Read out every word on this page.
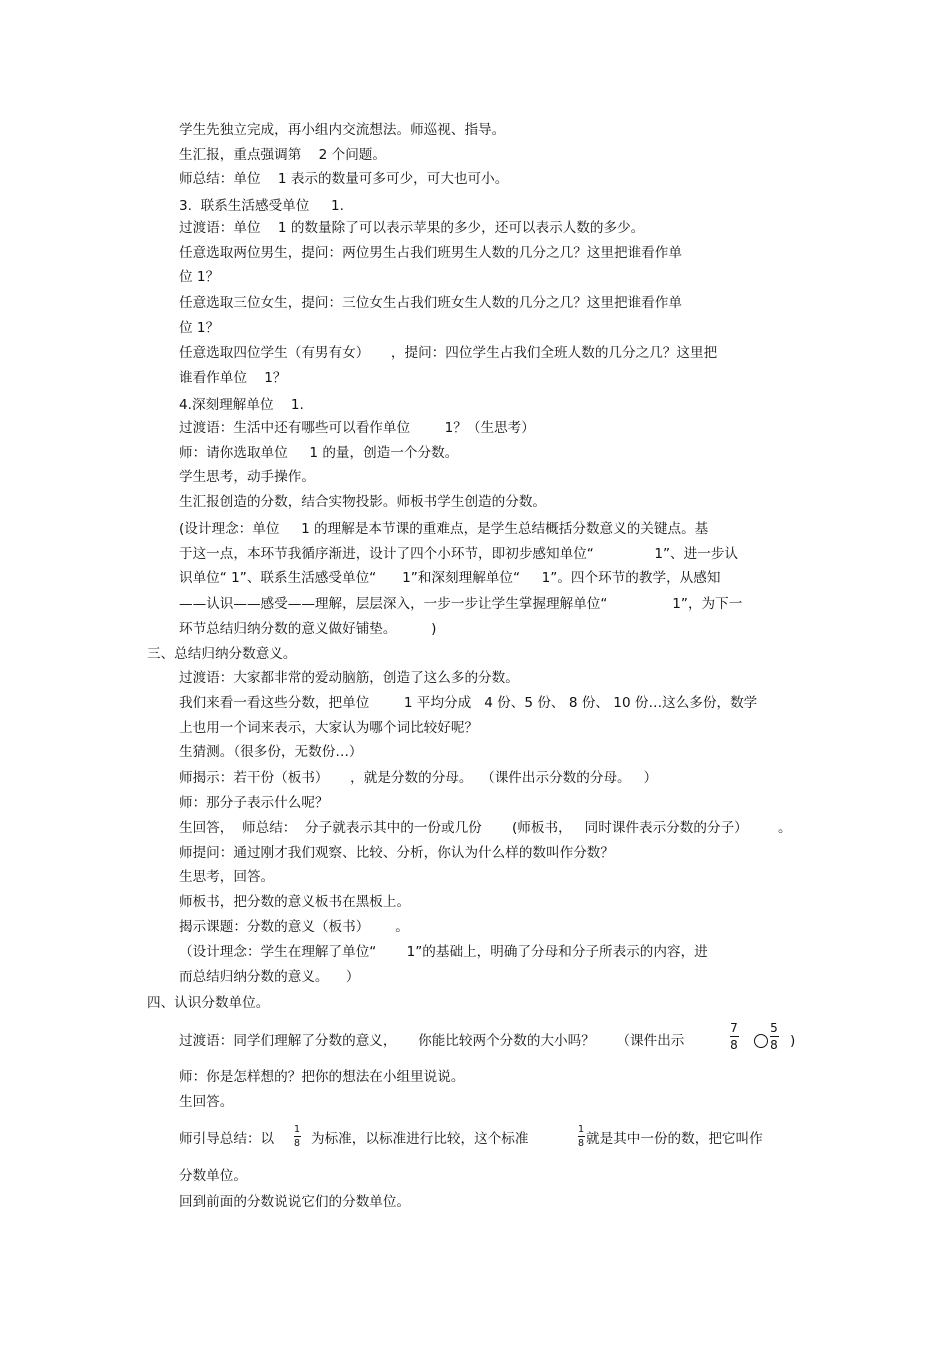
学生先独立完成，再小组内交流想法。师巡视、指导。
生汇报，重点强调第    2 个问题。
师总结：单位    1 表示的数量可多可少，可大也可小。
3.  联系生活感受单位     1.
过渡语：单位    1 的数量除了可以表示苹果的多少，还可以表示人数的多少。
任意选取两位男生，提问：两位男生占我们班男生人数的几分之几？这里把谁看作单
位 1？
任意选取三位女生，提问：三位女生占我们班女生人数的几分之几？这里把谁看作单
位 1？
任意选取四位学生（有男有女）     ，提问：四位学生占我们全班人数的几分之几？这里把
谁看作单位    1？
4.深刻理解单位    1.
过渡语：生活中还有哪些可以看作单位        1？（生思考）
师：请你选取单位     1 的量，创造一个分数。
学生思考，动手操作。
生汇报创造的分数，结合实物投影。师板书学生创造的分数。
(设计理念：单位     1 的理解是本节课的重难点，是学生总结概括分数意义的关键点。基
于这一点，本环节我循序渐进，设计了四个小环节，即初步感知单位“              1”、进一步认
识单位“ 1”、联系生活感受单位“      1”和深刻理解单位“     1”。四个环节的教学，从感知
——认识——感受——理解，层层深入，一步一步让学生掌握理解单位“               1”，为下一
环节总结归纳分数的意义做好铺垫。        )
三、总结归纳分数意义。
过渡语：大家都非常的爱动脑筋，创造了这么多的分数。
我们来看一看这些分数，把单位        1 平均分成   4 份、5 份、 8 份、 10 份…这么多份，数学
上也用一个词来表示，大家认为哪个词比较好呢？
生猜测。（很多份，无数份…）
师揭示：若干份（板书）     ，就是分数的分母。  （课件出示分数的分母。   ）
师：那分子表示什么呢？
生回答，  师总结：  分子就表示其中的一份或几份       (师板书，   同时课件表示分数的分子）       。
师提问：通过刚才我们观察、比较、分析，你认为什么样的数叫作分数？
生思考，回答。
师板书，把分数的意义板书在黑板上。
揭示课题：分数的意义（板书）      。
（设计理念：学生在理解了单位“       1”的基础上，明确了分母和分子所表示的内容，进
而总结归纳分数的意义。    ）
四、认识分数单位。
过渡语：同学们理解了分数的意义，     你能比较两个分数的大小吗？     （课件出示
7
8
5
8 )
师：你是怎样想的？把你的想法在小组里说说。
生回答。
师引导总结：以
1
8 为标准，以标准进行比较，这个标准
1
8 就是其中一份的数，把它叫作
分数单位。
回到前面的分数说说它们的分数单位。
